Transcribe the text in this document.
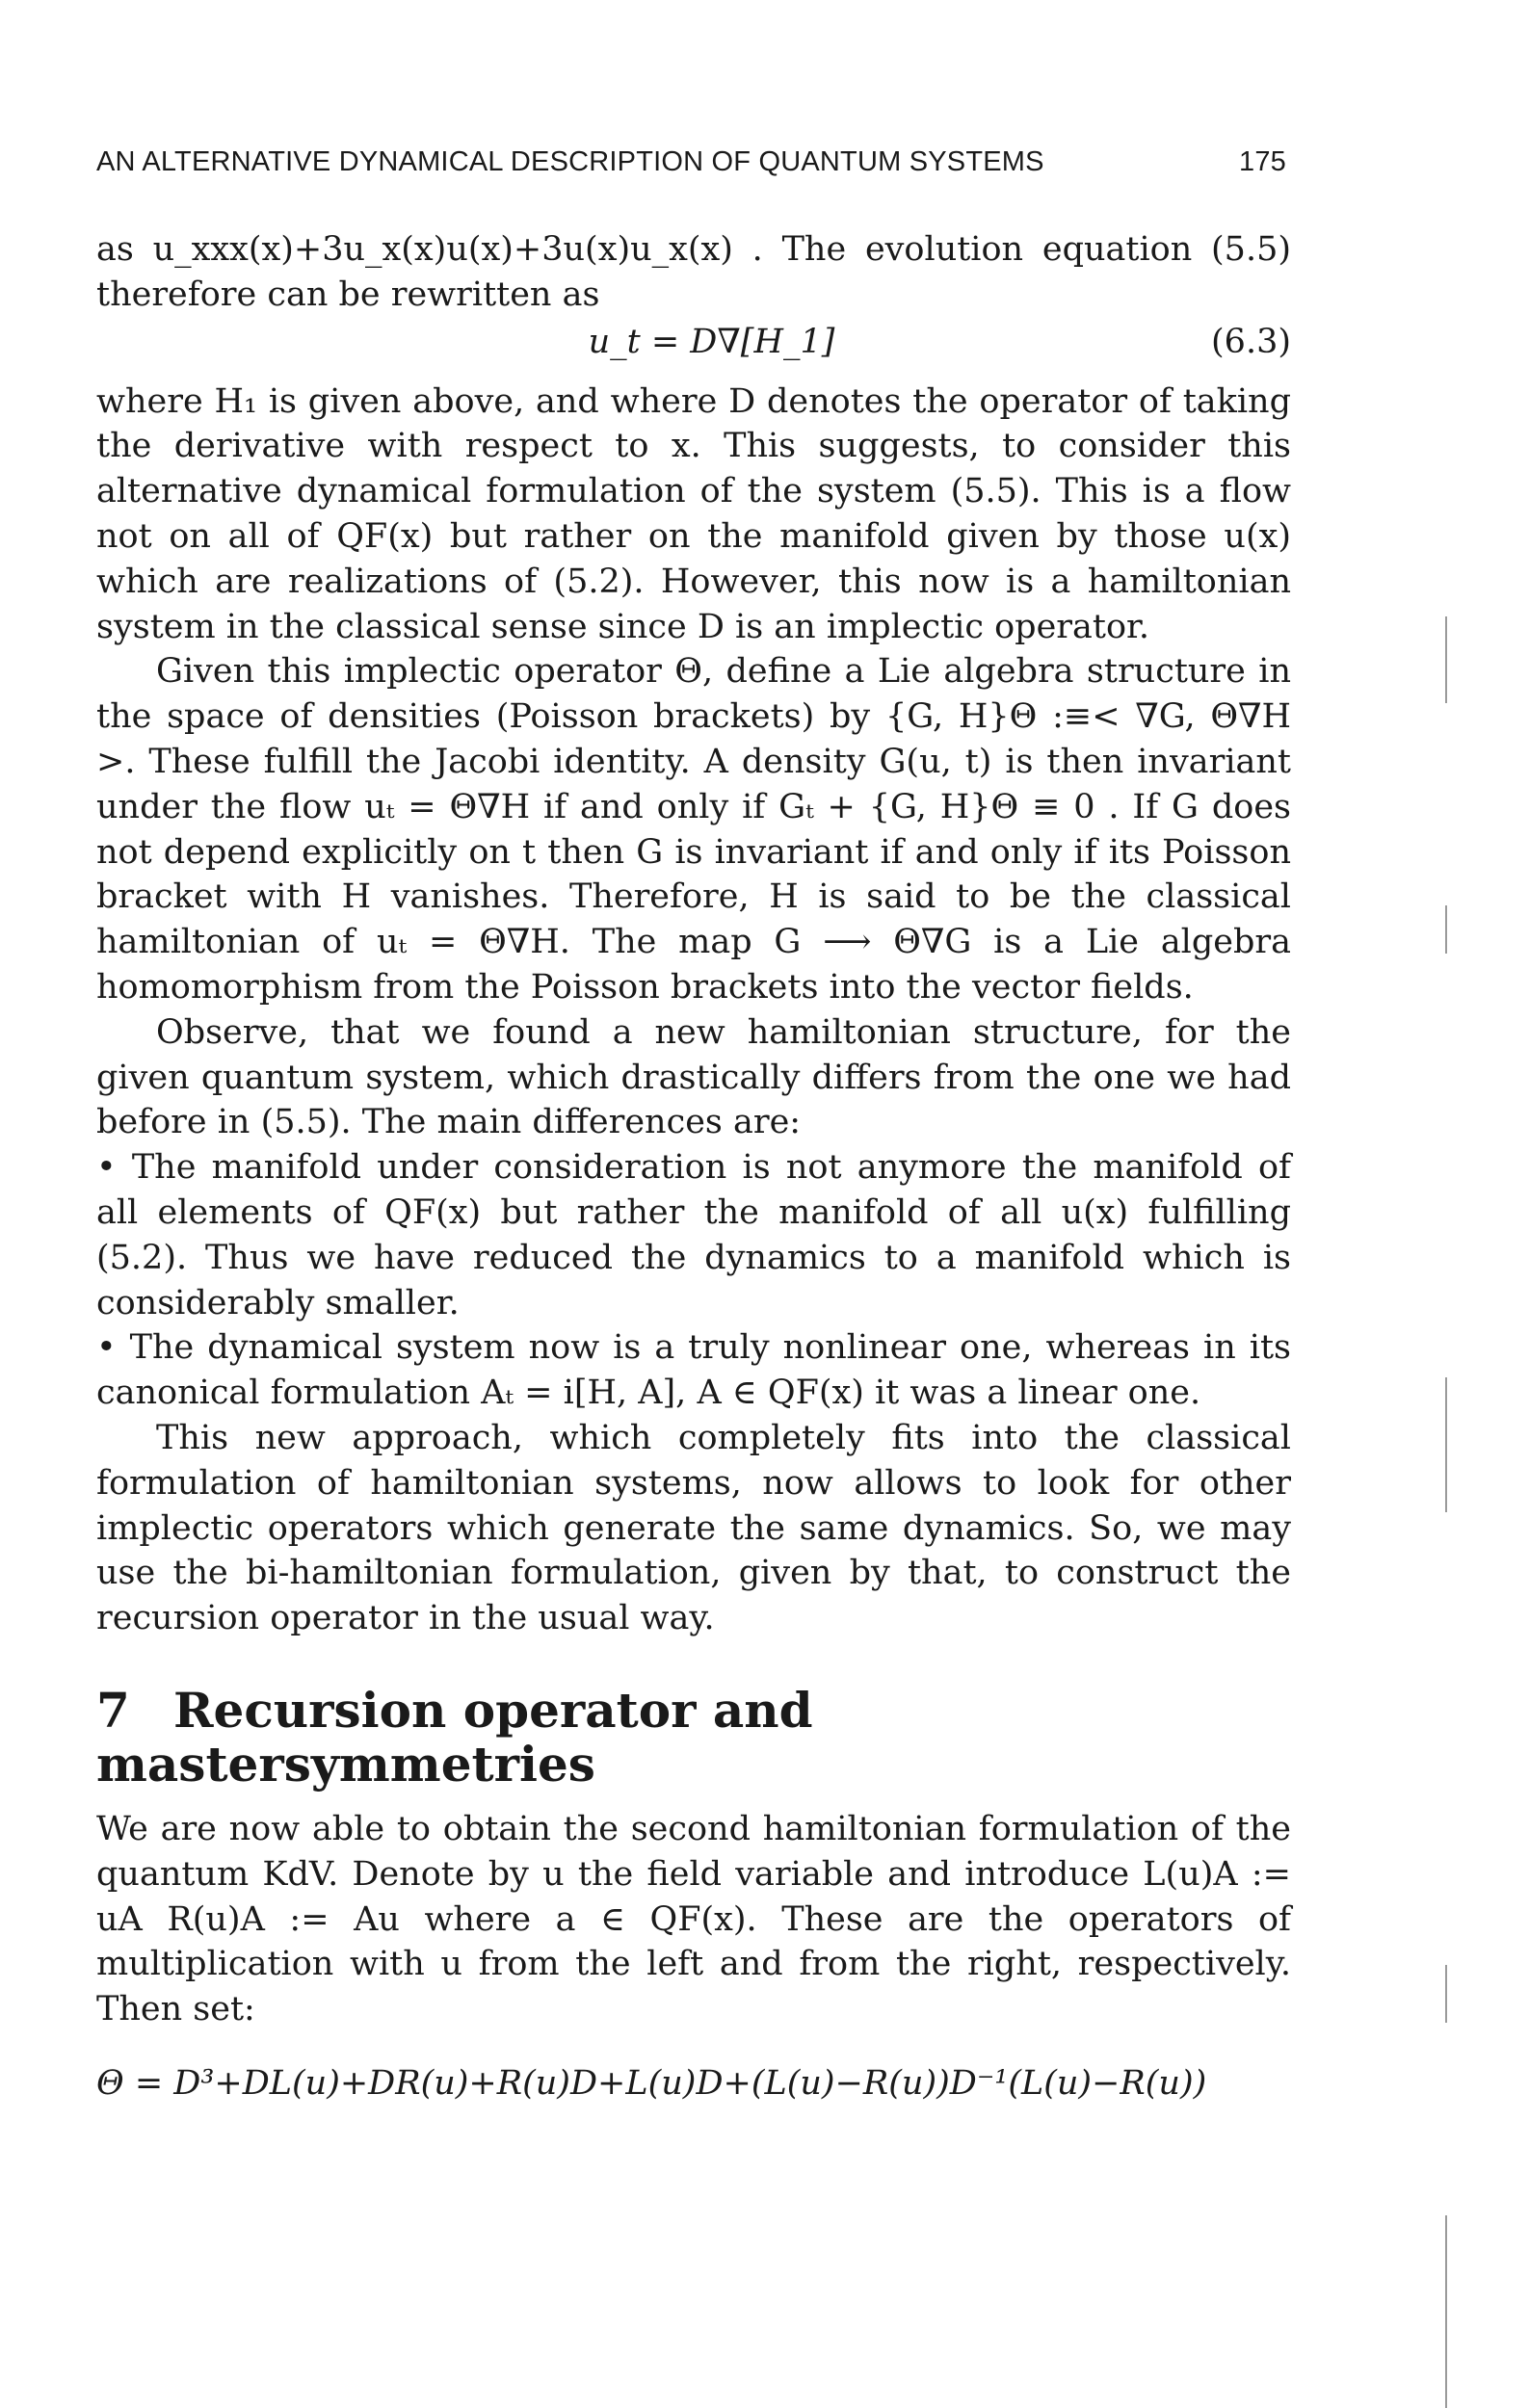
AN ALTERNATIVE DYNAMICAL DESCRIPTION OF QUANTUM SYSTEMS	175

as u_xxx(x)+3u_x(x)u(x)+3u(x)u_x(x) . The evolution equation (5.5) therefore can be rewritten as

u_t = D∇[H_1]	(6.3)

where H₁ is given above, and where D denotes the operator of taking the derivative with respect to x. This suggests, to consider this alternative dynamical formulation of the system (5.5). This is a flow not on all of QF(x) but rather on the manifold given by those u(x) which are realizations of (5.2). However, this now is a hamiltonian system in the classical sense since D is an implectic operator.

Given this implectic operator Θ, define a Lie algebra structure in the space of densities (Poisson brackets) by {G, H}Θ :≡< ∇G, Θ∇H >. These fulfill the Jacobi identity. A density G(u, t) is then invariant under the flow uₜ = Θ∇H if and only if Gₜ + {G, H}Θ ≡ 0 . If G does not depend explicitly on t then G is invariant if and only if its Poisson bracket with H vanishes. Therefore, H is said to be the classical hamiltonian of uₜ = Θ∇H. The map G ⟶ Θ∇G is a Lie algebra homomorphism from the Poisson brackets into the vector fields.

Observe, that we found a new hamiltonian structure, for the given quantum system, which drastically differs from the one we had before in (5.5). The main differences are:

• The manifold under consideration is not anymore the manifold of all elements of QF(x) but rather the manifold of all u(x) fulfilling (5.2). Thus we have reduced the dynamics to a manifold which is considerably smaller.

• The dynamical system now is a truly nonlinear one, whereas in its canonical formulation Aₜ = i[H, A], A ∈ QF(x) it was a linear one.

This new approach, which completely fits into the classical formulation of hamiltonian systems, now allows to look for other implectic operators which generate the same dynamics. So, we may use the bi-hamiltonian formulation, given by that, to construct the recursion operator in the usual way.

7 Recursion operator and mastersymmetries

We are now able to obtain the second hamiltonian formulation of the quantum KdV. Denote by u the field variable and introduce L(u)A := uA R(u)A := Au where a ∈ QF(x). These are the operators of multiplication with u from the left and from the right, respectively. Then set:

Θ = D³+DL(u)+DR(u)+R(u)D+L(u)D+(L(u)−R(u))D⁻¹(L(u)−R(u))
